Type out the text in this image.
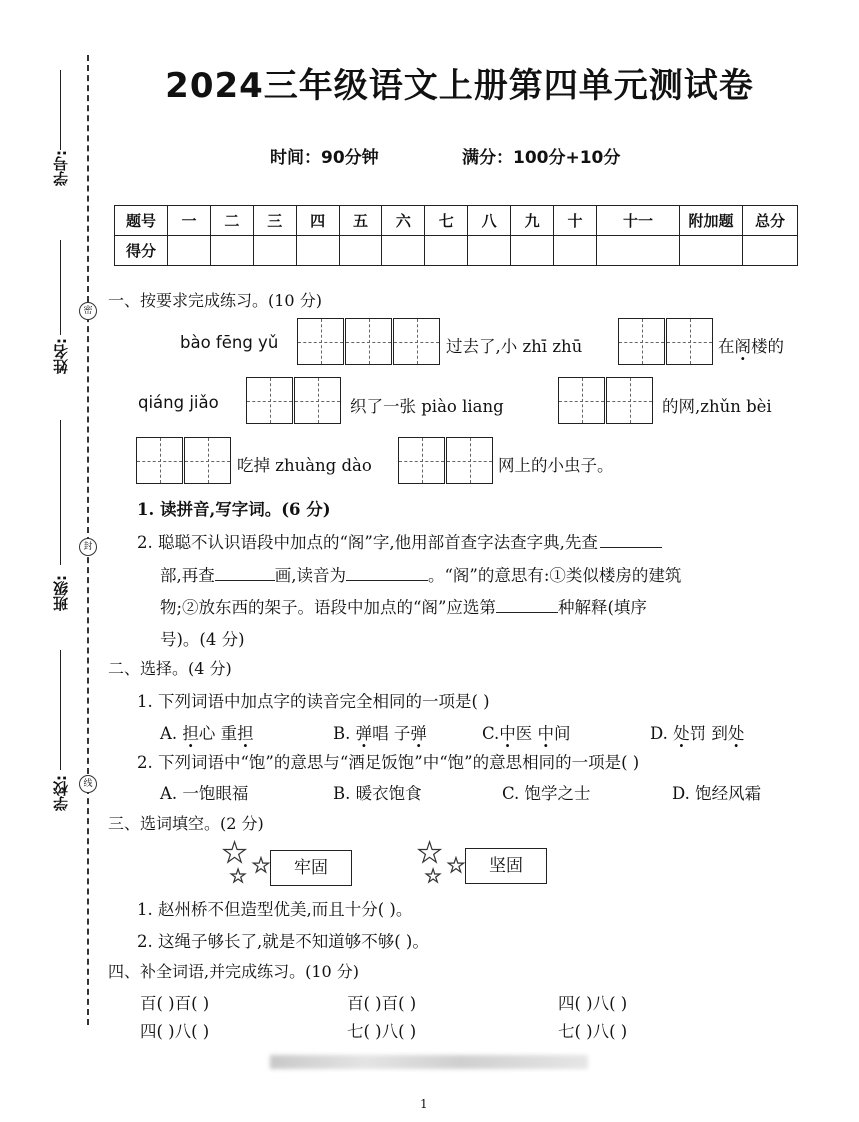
学号:
姓名:
班级:
学校:
密
封
线
2024三年级语文上册第四单元测试卷
时间：90分钟	满分：100分+10分
题号	一	二	三	四	五	六	七	八	九	十	十一	附加题	总分
得分													
一、按要求完成练习。(10 分)
bào fēng yǔ	过去了,小 zhī zhū	在阁楼的
qiáng jiǎo	织了一张 piào liang	的网,zhǔn bèi
吃掉 zhuàng dào	网上的小虫子。
1. 读拼音,写字词。(6 分)
2. 聪聪不认识语段中加点的“阁”字,他用部首查字法查字典,先查
部,再查	画,读音为	。“阁”的意思有:①类似楼房的建筑
物;②放东西的架子。语段中加点的“阁”应选第	种解释(填序
号)。(4 分)
二、选择。(4 分)
1. 下列词语中加点字的读音完全相同的一项是( )
A. 担心 重担	B. 弹唱 子弹	C.中医 中间	D. 处罚 到处
2. 下列词语中“饱”的意思与“酒足饭饱”中“饱”的意思相同的一项是( )
A. 一饱眼福	B. 暖衣饱食	C. 饱学之士	D. 饱经风霜
三、选词填空。(2 分)
★ ★
★	牢固	★ ★
★	坚固
1. 赵州桥不但造型优美,而且十分( )。
2. 这绳子够长了,就是不知道够不够( )。
四、补全词语,并完成练习。(10 分)
百( )百( )	百( )百( )	四( )八( )
四( )八( )	七( )八( )	七( )八( )
1
